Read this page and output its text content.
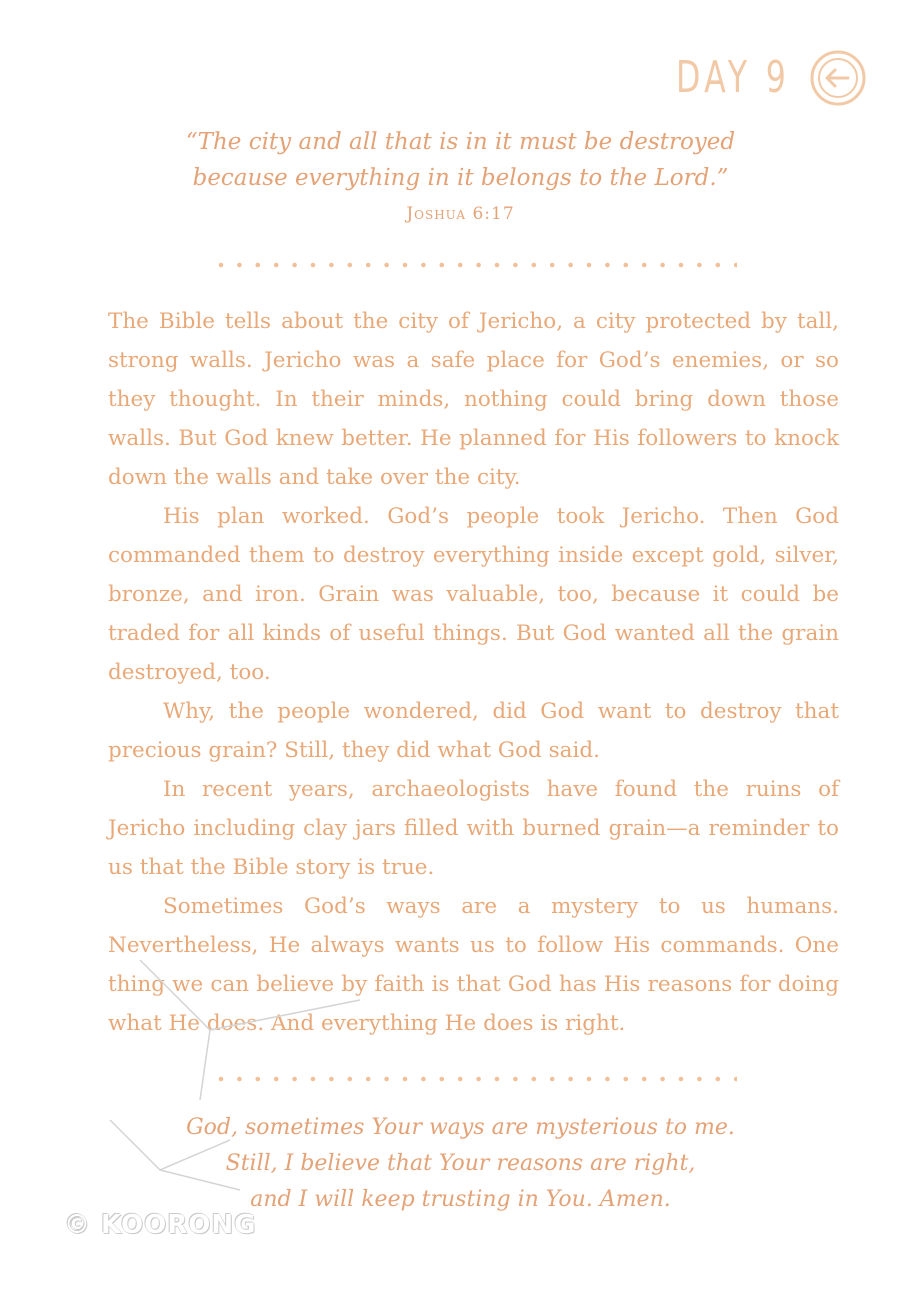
DAY 9

“The city and all that is in it must be destroyed

because everything in it belongs to the Lord.”

Joshua 6:17

The Bible tells about the city of Jericho, a city protected by tall, strong walls. Jericho was a safe place for God’s enemies, or so they thought. In their minds, nothing could bring down those walls. But God knew better. He planned for His followers to knock down the walls and take over the city.

His plan worked. God’s people took Jericho. Then God commanded them to destroy everything inside except gold, silver, bronze, and iron. Grain was valuable, too, because it could be traded for all kinds of useful things. But God wanted all the grain destroyed, too.

Why, the people wondered, did God want to destroy that precious grain? Still, they did what God said.

In recent years, archaeologists have found the ruins of Jericho including clay jars filled with burned grain—a reminder to us that the Bible story is true.

Sometimes God’s ways are a mystery to us humans. Nevertheless, He always wants us to follow His commands. One thing we can believe by faith is that God has His reasons for doing what He does. And everything He does is right.

God, sometimes Your ways are mysterious to me.

Still, I believe that Your reasons are right,

and I will keep trusting in You. Amen.

© KOORONG
